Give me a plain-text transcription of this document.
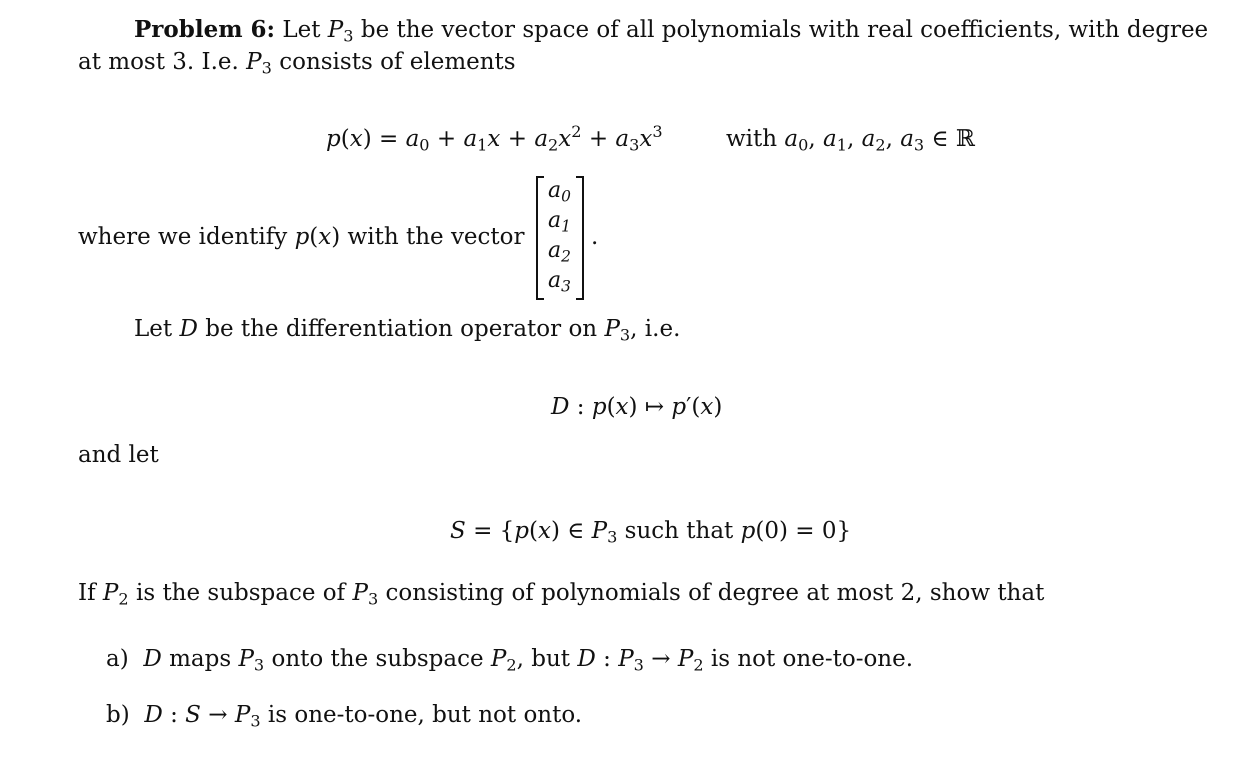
Problem 6: Let $P_3$ be the vector space of all polynomials with real coefficients, with degree
at most 3. I.e. $P_3$ consists of elements
$p(x) = a_0 + a_1x + a_2x^2 + a_3x^3$	with $a_0$, $a_1$, $a_2$, $a_3$ ∈ ℝ
where we identify p(x) with the vector
$a_0$
$a_1$
$a_2$
$a_3$
.
Let D be the differentiation operator on $P_3$, i.e.
D : p(x) ↦ p′(x)
and let
S = {p(x) ∈ $P_3$ such that p(0) = 0}
If $P_2$ is the subspace of $P_3$ consisting of polynomials of degree at most 2, show that
a) D maps $P_3$ onto the subspace $P_2$, but D : $P_3 \to P_2$ is not one-to-one.
b) D : $S \to P_3$ is one-to-one, but not onto.
